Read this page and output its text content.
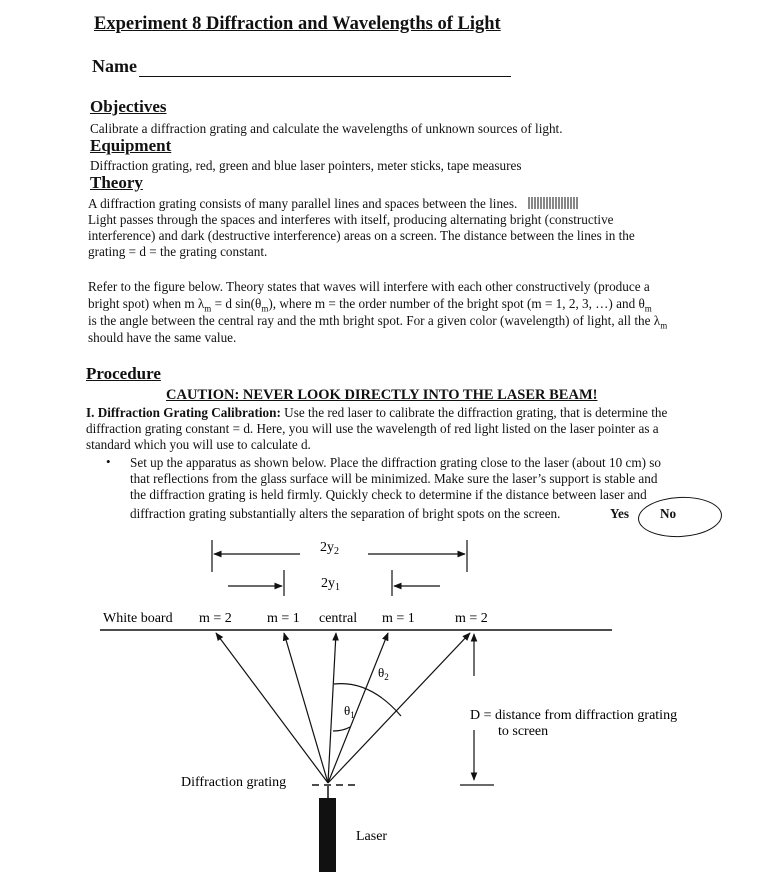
Experiment 8 Diffraction and Wavelengths of Light
Name
Objectives
Calibrate a diffraction grating and calculate the wavelengths of unknown sources of light.
Equipment
Diffraction grating, red, green and blue laser pointers, meter sticks, tape measures
Theory
A diffraction grating consists of many parallel lines and spaces between the lines.
Light passes through the spaces and interferes with itself, producing alternating bright (constructive
interference) and dark (destructive interference) areas on a screen. The distance between the lines in the
grating = d = the grating constant.
Refer to the figure below. Theory states that waves will interfere with each other constructively (produce a
bright spot) when m $\lambda_m = d$ $\sin(\theta_m)$, where m = the order number of the bright spot (m = 1, 2, 3, …) and $\theta_m$
is the angle between the central ray and the mth bright spot. For a given color (wavelength) of light, all the $\lambda_m$
should have the same value.
Procedure
CAUTION: NEVER LOOK DIRECTLY INTO THE LASER BEAM!
I. Diffraction Grating Calibration: Use the red laser to calibrate the diffraction grating, that is determine the
diffraction grating constant = d. Here, you will use the wavelength of red light listed on the laser pointer as a
standard which you will use to calculate d.
• Set up the apparatus as shown below. Place the diffraction grating close to the laser (about 10 cm) so
that reflections from the glass surface will be minimized. Make sure the laser’s support is stable and
the diffraction grating is held firmly. Quickly check to determine if the distance between laser and
diffraction grating substantially alters the separation of bright spots on the screen.	Yes No
$2y_2$
$2y_1$
White board m = 2	m = 1 central m = 1	m = 2
$\theta_1$
$\theta_2$
D = distance from diffraction grating
to screen
Diffraction grating
Laser
